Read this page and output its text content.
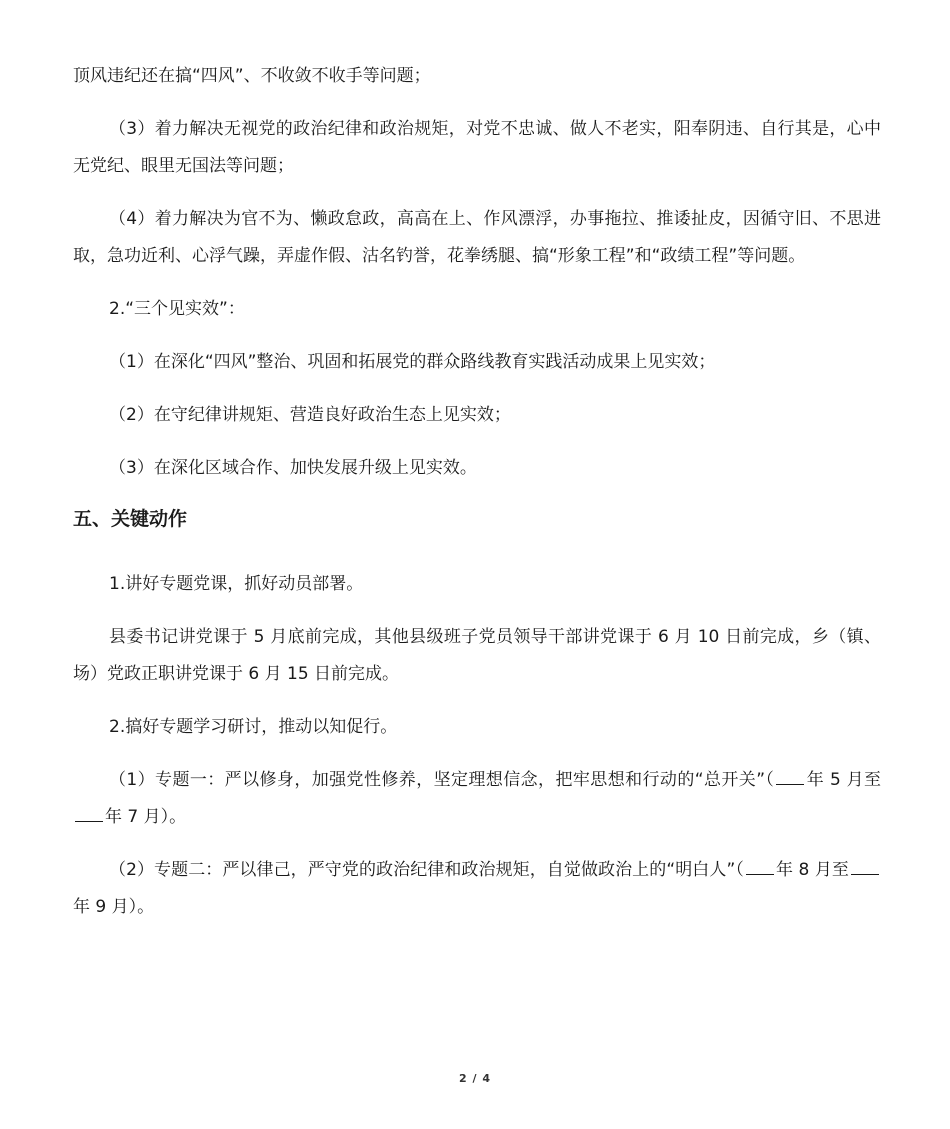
顶风违纪还在搞“四风”、不收敛不收手等问题；

（3）着力解决无视党的政治纪律和政治规矩，对党不忠诚、做人不老实，阳奉阴违、自行其是，心中无党纪、眼里无国法等问题；

（4）着力解决为官不为、懒政怠政，高高在上、作风漂浮，办事拖拉、推诿扯皮，因循守旧、不思进取，急功近利、心浮气躁，弄虚作假、沽名钓誉，花拳绣腿、搞“形象工程”和“政绩工程”等问题。

2.“三个见实效”：

（1）在深化“四风”整治、巩固和拓展党的群众路线教育实践活动成果上见实效；

（2）在守纪律讲规矩、营造良好政治生态上见实效；

（3）在深化区域合作、加快发展升级上见实效。

五、关键动作

1.讲好专题党课，抓好动员部署。

县委书记讲党课于 5 月底前完成，其他县级班子党员领导干部讲党课于 6 月 10 日前完成，乡（镇、场）党政正职讲党课于 6 月 15 日前完成。

2.搞好专题学习研讨，推动以知促行。

（1）专题一：严以修身，加强党性修养，坚定理想信念，把牢思想和行动的“总开关”（ 年 5 月至年 7 月）。

（2）专题二：严以律己，严守党的政治纪律和政治规矩，自觉做政治上的“明白人”（ 年 8 月至年 9 月）。

2 / 4
